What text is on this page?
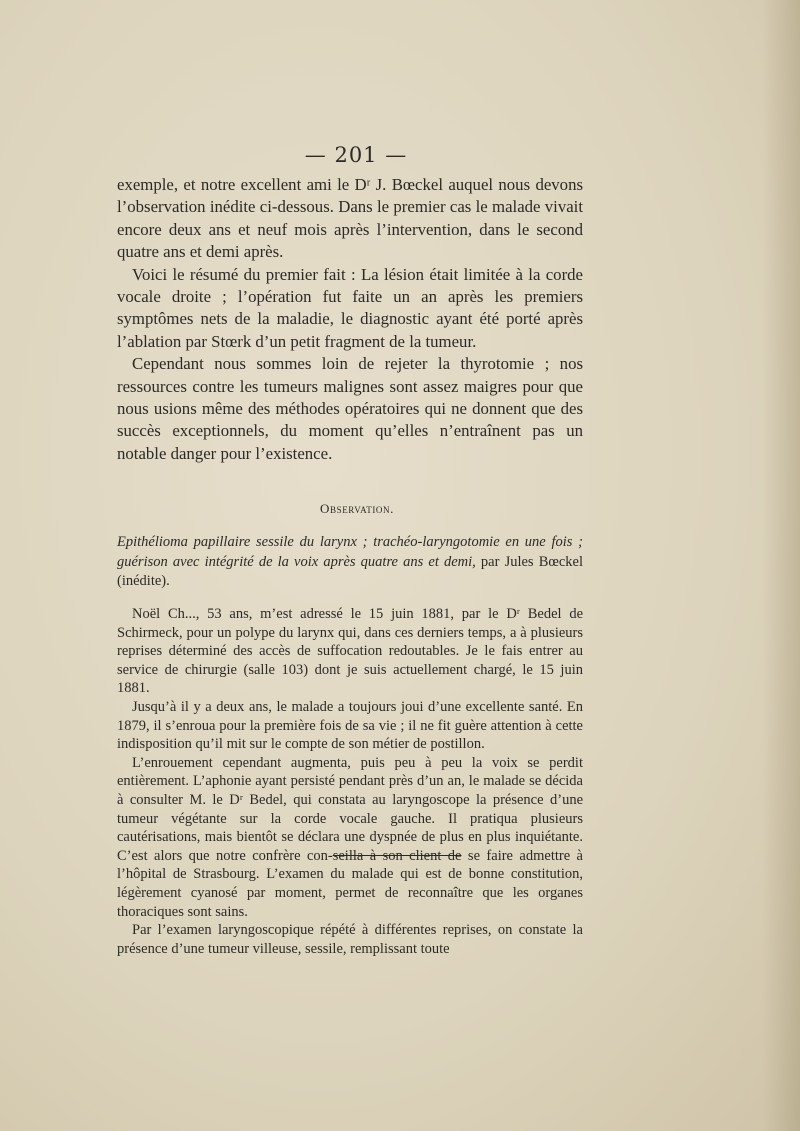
— 201 —

exemple, et notre excellent ami le Dʳ J. Bœckel auquel nous devons l’observation inédite ci-dessous. Dans le premier cas le malade vivait encore deux ans et neuf mois après l’intervention, dans le second quatre ans et demi après.

Voici le résumé du premier fait : La lésion était limitée à la corde vocale droite ; l’opération fut faite un an après les premiers symptômes nets de la maladie, le diagnostic ayant été porté après l’ablation par Stœrk d’un petit fragment de la tumeur.

Cependant nous sommes loin de rejeter la thyrotomie ; nos ressources contre les tumeurs malignes sont assez maigres pour que nous usions même des méthodes opératoires qui ne donnent que des succès exceptionnels, du moment qu’elles n’entraînent pas un notable danger pour l’existence.

Observation.
Epithélioma papillaire sessile du larynx ; trachéo-laryngotomie en une fois ; guérison avec intégrité de la voix après quatre ans et demi, par Jules Bœckel (inédite).

Noël Ch..., 53 ans, m’est adressé le 15 juin 1881, par le Dʳ Bedel de Schirmeck, pour un polype du larynx qui, dans ces derniers temps, a à plusieurs reprises déterminé des accès de suffocation redoutables. Je le fais entrer au service de chirurgie (salle 103) dont je suis actuellement chargé, le 15 juin 1881.

Jusqu’à il y a deux ans, le malade a toujours joui d’une excellente santé. En 1879, il s’enroua pour la première fois de sa vie ; il ne fit guère attention à cette indisposition qu’il mit sur le compte de son métier de postillon.

L’enrouement cependant augmenta, puis peu à peu la voix se perdit entièrement. L’aphonie ayant persisté pendant près d’un an, le malade se décida à consulter M. le Dʳ Bedel, qui constata au laryngoscope la présence d’une tumeur végétante sur la corde vocale gauche. Il pratiqua plusieurs cautérisations, mais bientôt se déclara une dyspnée de plus en plus inquiétante. C’est alors que notre confrère con-seilla à son client de se faire admettre à l’hôpital de Strasbourg. L’examen du malade qui est de bonne constitution, légèrement cyanosé par moment, permet de reconnaître que les organes thoraciques sont sains.

Par l’examen laryngoscopique répété à différentes reprises, on constate la présence d’une tumeur villeuse, sessile, remplissant toute
